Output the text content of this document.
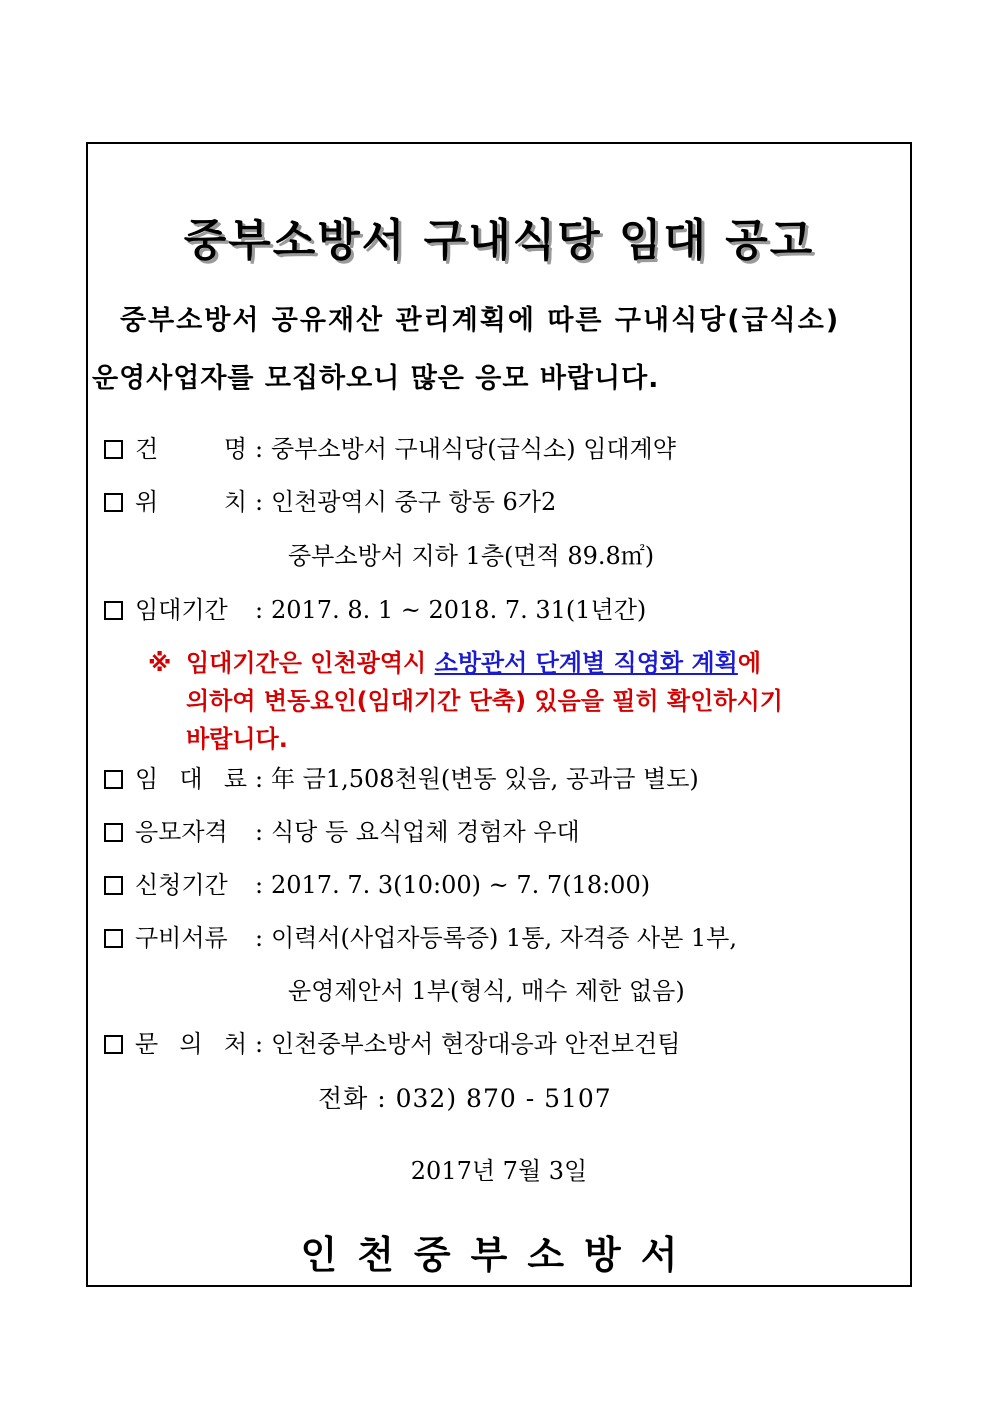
중부소방서 구내식당 임대 공고
중부소방서 공유재산 관리계획에 따른 구내식당(급식소)
운영사업자를 모집하오니 많은 응모 바랍니다.
건 명 : 중부소방서 구내식당(급식소) 임대계약
위 치 : 인천광역시 중구 항동 6가2
중부소방서 지하 1층(면적 89.8㎡)
임대기간 : 2017. 8. 1 ~ 2018. 7. 31(1년간)
※ 임대기간은 인천광역시 소방관서 단계별 직영화 계획에
의하여 변동요인(임대기간 단축) 있음을 필히 확인하시기
바랍니다.
임 대 료 : 年 금1,508천원(변동 있음, 공과금 별도)
응모자격 : 식당 등 요식업체 경험자 우대
신청기간 : 2017. 7. 3(10:00) ~ 7. 7(18:00)
구비서류 : 이력서(사업자등록증) 1통, 자격증 사본 1부,
운영제안서 1부(형식, 매수 제한 없음)
문 의 처 : 인천중부소방서 현장대응과 안전보건팀
전화 : 032) 870 - 5107
2017년 7월 3일
인천중부소방서
